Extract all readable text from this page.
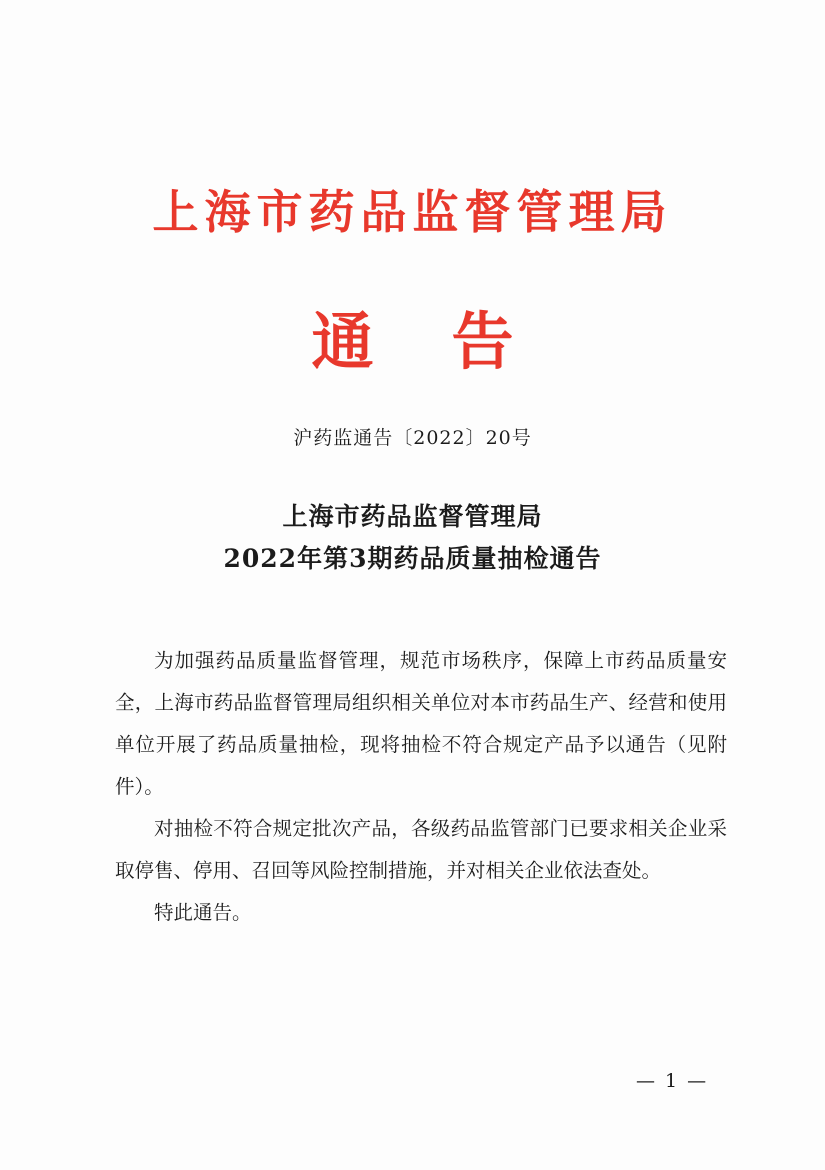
上海市药品监督管理局
通告
沪药监通告〔2022〕20号
上海市药品监督管理局
2022年第3期药品质量抽检通告

为加强药品质量监督管理，规范市场秩序，保障上市药品质量安全，上海市药品监督管理局组织相关单位对本市药品生产、经营和使用单位开展了药品质量抽检，现将抽检不符合规定产品予以通告（见附件）。

对抽检不符合规定批次产品，各级药品监管部门已要求相关企业采取停售、停用、召回等风险控制措施，并对相关企业依法查处。

特此通告。

— 1 —
